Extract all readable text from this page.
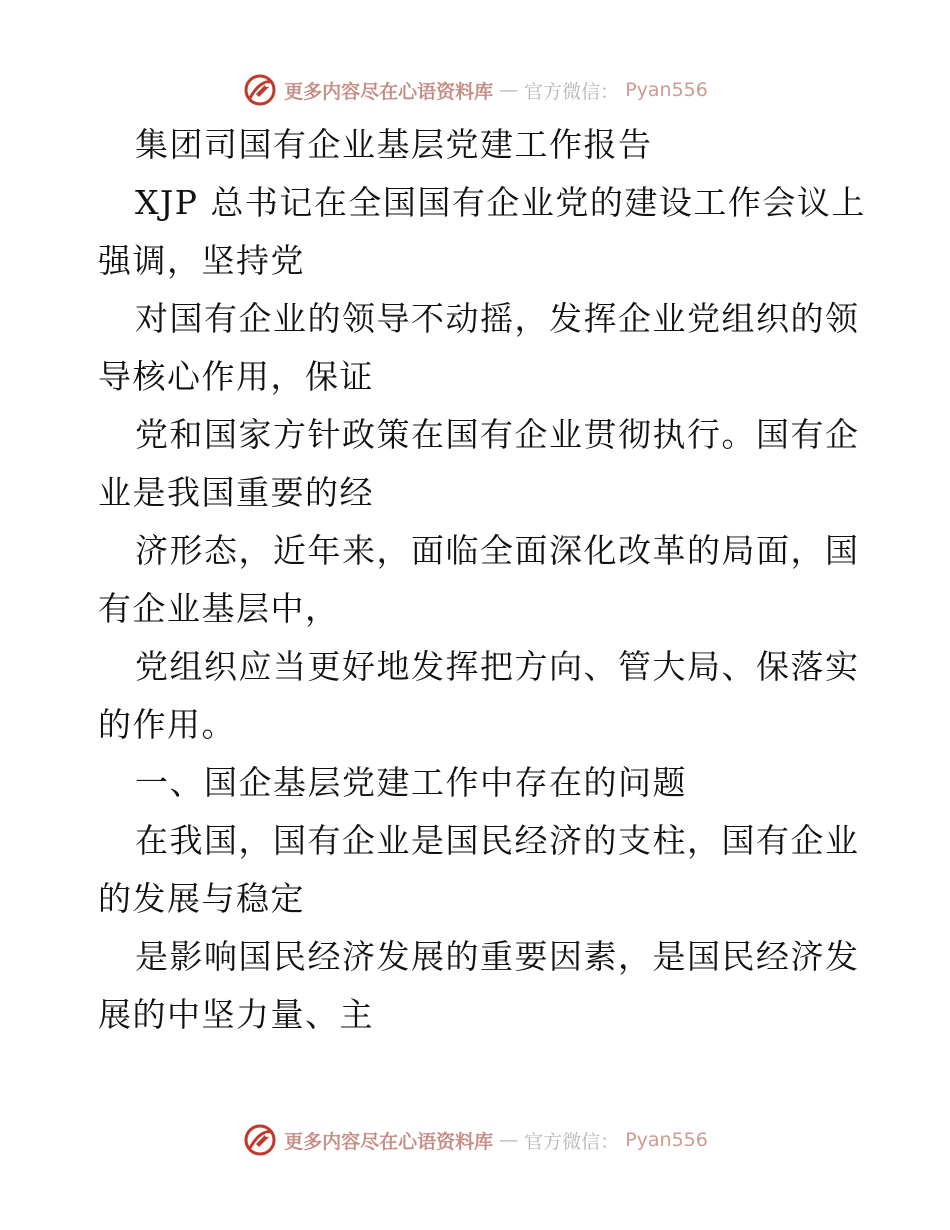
更多内容尽在心语资料库 — 官方微信： Pyan556
集团司国有企业基层党建工作报告
XJP 总书记在全国国有企业党的建设工作会议上
强调，坚持党
对国有企业的领导不动摇，发挥企业党组织的领
导核心作用，保证
党和国家方针政策在国有企业贯彻执行。国有企
业是我国重要的经
济形态，近年来，面临全面深化改革的局面，国
有企业基层中，
党组织应当更好地发挥把方向、管大局、保落实
的作用。
一、国企基层党建工作中存在的问题
在我国，国有企业是国民经济的支柱，国有企业
的发展与稳定
是影响国民经济发展的重要因素，是国民经济发
展的中坚力量、主
更多内容尽在心语资料库 — 官方微信： Pyan556
